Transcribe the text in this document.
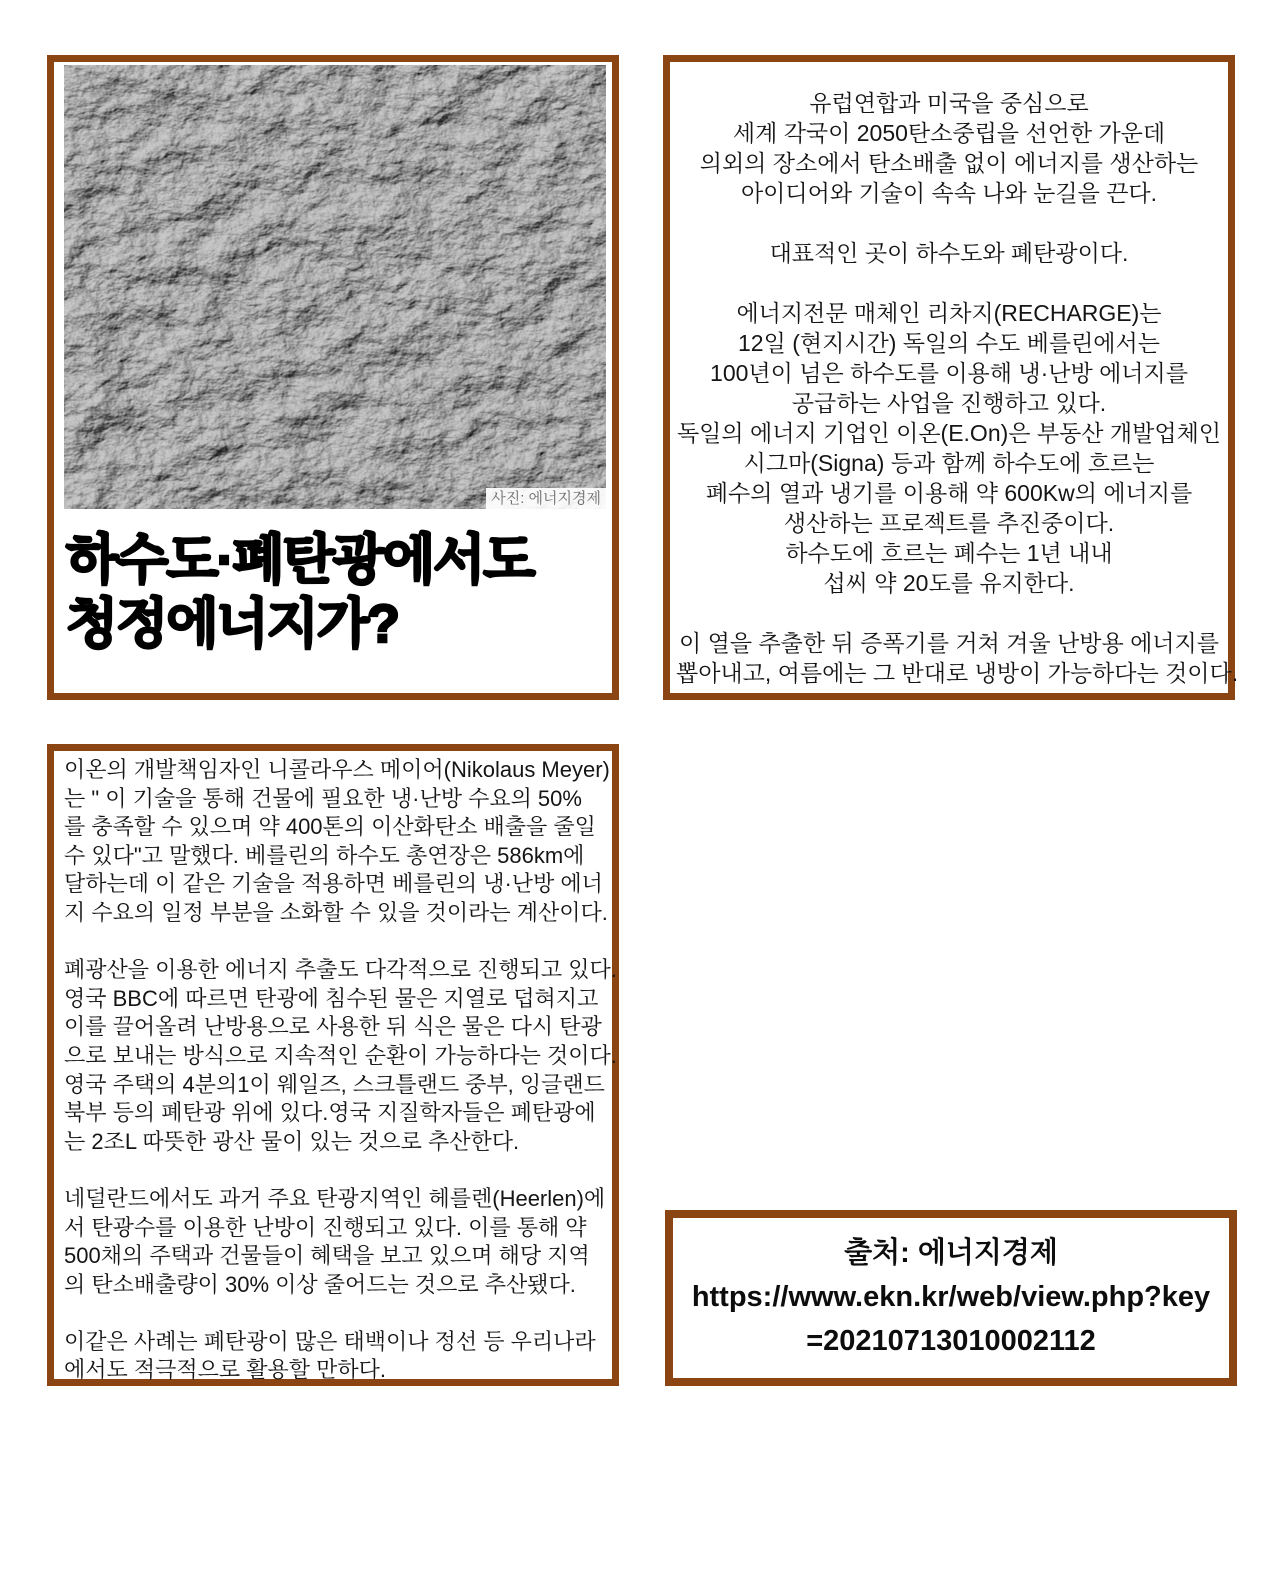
사진: 에너지경제
하수도·폐탄광에서도
청정에너지가?
유럽연합과 미국을 중심으로
세계 각국이 2050탄소중립을 선언한 가운데
의외의 장소에서 탄소배출 없이 에너지를 생산하는
아이디어와 기술이 속속 나와 눈길을 끈다.

대표적인 곳이 하수도와 폐탄광이다.

에너지전문 매체인 리차지(RECHARGE)는
12일 (현지시간) 독일의 수도 베를린에서는
100년이 넘은 하수도를 이용해 냉·난방 에너지를
공급하는 사업을 진행하고 있다.
독일의 에너지 기업인 이온(E.On)은 부동산 개발업체인
시그마(Signa) 등과 함께 하수도에 흐르는
폐수의 열과 냉기를 이용해 약 600Kw의 에너지를
생산하는 프로젝트를 추진중이다.
하수도에 흐르는 폐수는 1년 내내
섭씨 약 20도를 유지한다.

이 열을 추출한 뒤 증폭기를 거쳐 겨울 난방용 에너지를
뽑아내고, 여름에는 그 반대로 냉방이 가능하다는 것이다.
이온의 개발책임자인 니콜라우스 메이어(Nikolaus Meyer)
는 " 이 기술을 통해 건물에 필요한 냉·난방 수요의 50%
를 충족할 수 있으며 약 400톤의 이산화탄소 배출을 줄일
수 있다"고 말했다. 베를린의 하수도 총연장은 586km에
달하는데 이 같은 기술을 적용하면 베를린의 냉·난방 에너
지 수요의 일정 부분을 소화할 수 있을 것이라는 계산이다.

폐광산을 이용한 에너지 추출도 다각적으로 진행되고 있다.
영국 BBC에 따르면 탄광에 침수된 물은 지열로 덥혀지고
이를 끌어올려 난방용으로 사용한 뒤 식은 물은 다시 탄광
으로 보내는 방식으로 지속적인 순환이 가능하다는 것이다.
영국 주택의 4분의1이 웨일즈, 스크틀랜드 중부, 잉글랜드
북부 등의 폐탄광 위에 있다.영국 지질학자들은 폐탄광에
는 2조L 따뜻한 광산 물이 있는 것으로 추산한다.

네덜란드에서도 과거 주요 탄광지역인 헤를렌(Heerlen)에
서 탄광수를 이용한 난방이 진행되고 있다. 이를 통해 약
500채의 주택과 건물들이 혜택을 보고 있으며 해당 지역
의 탄소배출량이 30% 이상 줄어드는 것으로 추산됐다.

이같은 사례는 폐탄광이 많은 태백이나 정선 등 우리나라
에서도 적극적으로 활용할 만하다.
출처: 에너지경제
https://www.ekn.kr/web/view.php?key
=20210713010002112
